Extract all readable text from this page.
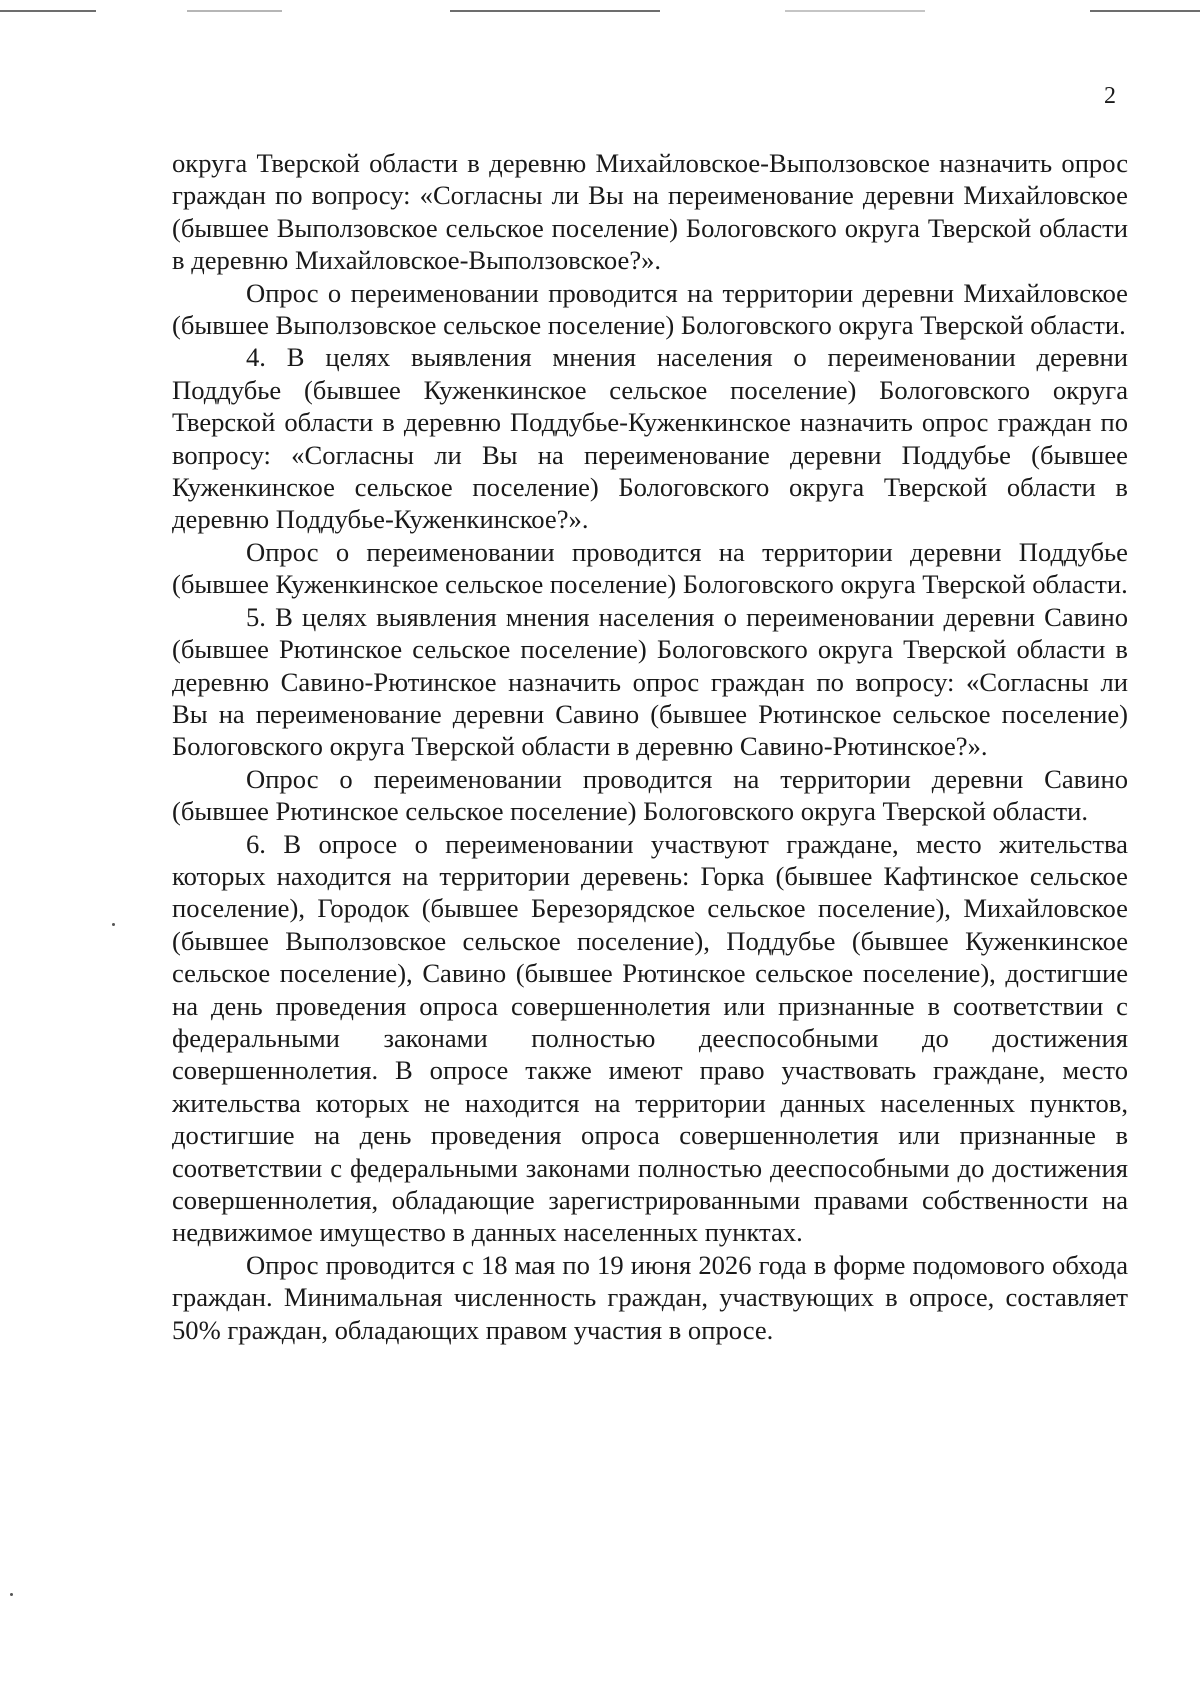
2

округа Тверской области в деревню Михайловское-Выползовское назначить опрос граждан по вопросу: «Согласны ли Вы на переименование деревни Михайловское (бывшее Выползовское сельское поселение) Бологовского округа Тверской области в деревню Михайловское-Выползовское?».

Опрос о переименовании проводится на территории деревни Михайловское (бывшее Выползовское сельское поселение) Бологовского округа Тверской области.

4. В целях выявления мнения населения о переименовании деревни Поддубье (бывшее Куженкинское сельское поселение) Бологовского округа Тверской области в деревню Поддубье-Куженкинское назначить опрос граждан по вопросу: «Согласны ли Вы на переименование деревни Поддубье (бывшее Куженкинское сельское поселение) Бологовского округа Тверской области в деревню Поддубье-Куженкинское?».

Опрос о переименовании проводится на территории деревни Поддубье (бывшее Куженкинское сельское поселение) Бологовского округа Тверской области.

5. В целях выявления мнения населения о переименовании деревни Савино (бывшее Рютинское сельское поселение) Бологовского округа Тверской области в деревню Савино-Рютинское назначить опрос граждан по вопросу: «Согласны ли Вы на переименование деревни Савино (бывшее Рютинское сельское поселение) Бологовского округа Тверской области в деревню Савино-Рютинское?».

Опрос о переименовании проводится на территории деревни Савино (бывшее Рютинское сельское поселение) Бологовского округа Тверской области.

6. В опросе о переименовании участвуют граждане, место жительства которых находится на территории деревень: Горка (бывшее Кафтинское сельское поселение), Городок (бывшее Березорядское сельское поселение), Михайловское (бывшее Выползовское сельское поселение), Поддубье (бывшее Куженкинское сельское поселение), Савино (бывшее Рютинское сельское поселение), достигшие на день проведения опроса совершеннолетия или признанные в соответствии с федеральными законами полностью дееспособными до достижения совершеннолетия. В опросе также имеют право участвовать граждане, место жительства которых не находится на территории данных населенных пунктов, достигшие на день проведения опроса совершеннолетия или признанные в соответствии с федеральными законами полностью дееспособными до достижения совершеннолетия, обладающие зарегистрированными правами собственности на недвижимое имущество в данных населенных пунктах.

Опрос проводится с 18 мая по 19 июня 2026 года в форме подомового обхода граждан. Минимальная численность граждан, участвующих в опросе, составляет 50% граждан, обладающих правом участия в опросе.
